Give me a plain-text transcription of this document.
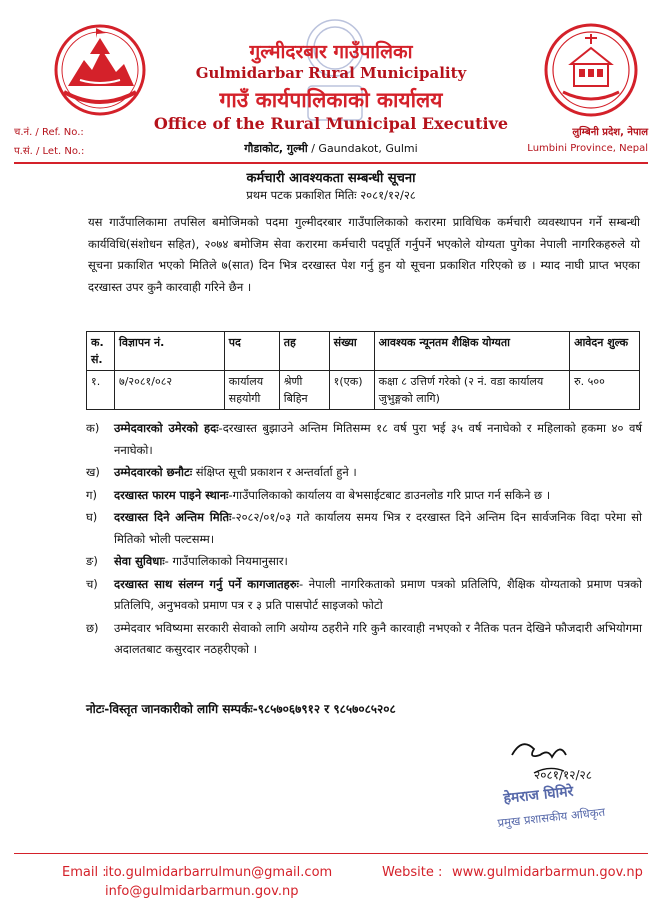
गुल्मीदरबार गाउँपालिका
Gulmidarbar Rural Municipality
गाउँ कार्यपालिकाको कार्यालय
Office of the Rural Municipal Executive
गौडाकोट, गुल्मी / Gaundakot, Gulmi
च.नं. / Ref. No.:
प.सं. / Let. No.:
लुम्बिनी प्रदेश, नेपाल
Lumbini Province, Nepal
कर्मचारी आवश्यकता सम्बन्धी सूचना
प्रथम पटक प्रकाशित मितिः २०८१/१२/२८
यस गाउँपालिकामा तपसिल बमोजिमको पदमा गुल्मीदरबार गाउँपालिकाको करारमा प्राविधिक कर्मचारी व्यवस्थापन गर्ने सम्बन्धी कार्यविधि(संशोधन सहित), २०७४ बमोजिम सेवा करारमा कर्मचारी पदपूर्ति गर्नुपर्ने भएकोले योग्यता पुगेका नेपाली नागरिकहरुले यो सूचना प्रकाशित भएको मितिले ७(सात) दिन भित्र दरखास्त पेश गर्नु हुन यो सूचना प्रकाशित गरिएको छ । म्याद नाघी प्राप्त भएका दरखास्त उपर कुनै कारवाही गरिने छैन ।
क. सं.	विज्ञापन नं.	पद	तह	संख्या	आवश्यक न्यूनतम शैक्षिक योग्यता	आवेदन शुल्क
१.	७/२०८१/०८२	कार्यालय सहयोगी	श्रेणी बिहिन	१(एक)	कक्षा ८ उत्तिर्ण गरेको (२ नं. वडा कार्यालय जुभुङ्गको लागि)	रु. ५००
क)	उम्मेदवारको उमेरको हदः-दरखास्त बुझाउने अन्तिम मितिसम्म १८ वर्ष पुरा भई ३५ वर्ष ननाघेको र महिलाको हकमा ४० वर्ष ननाघेको।
ख)	उम्मेदवारको छनौटः संक्षिप्त सूची प्रकाशन र अन्तर्वार्ता हुने ।
ग)	दरखास्त फारम पाइने स्थानः-गाउँपालिकाको कार्यालय वा बेभसाईटबाट डाउनलोड गरि प्राप्त गर्न सकिने छ ।
घ)	दरखास्त दिने अन्तिम मितिः-२०८२/०१/०३ गते कार्यालय समय भित्र र दरखास्त दिने अन्तिम दिन सार्वजनिक विदा परेमा सो मितिको भोली पल्टसम्म।
ङ)	सेवा सुविधाः- गाउँपालिकाको नियमानुसार।
च)	दरखास्त साथ संलग्न गर्नु पर्ने कागजातहरुः- नेपाली नागरिकताको प्रमाण पत्रको प्रतिलिपि, शैक्षिक योग्यताको प्रमाण पत्रको प्रतिलिपि, अनुभवको प्रमाण पत्र र ३ प्रति पासपोर्ट साइजको फोटो
छ)	उम्मेदवार भविष्यमा सरकारी सेवाको लागि अयोग्य ठहरीने गरि कुनै कारवाही नभएको र नैतिक पतन देखिने फौजदारी अभियोगमा अदालतबाट कसुरदार नठहरीएको ।
नोटः-विस्तृत जानकारीको लागि सम्पर्कः-९८५७०६७९१२ र ९८५७०८५२०८
२०८१/१२/२८
हेमराज घिमिरे
प्रमुख प्रशासकीय अधिकृत
Email :
ito.gulmidarbarrulmun@gmail.com
info@gulmidarbarmun.gov.np
Website : www.gulmidarbarmun.gov.np
